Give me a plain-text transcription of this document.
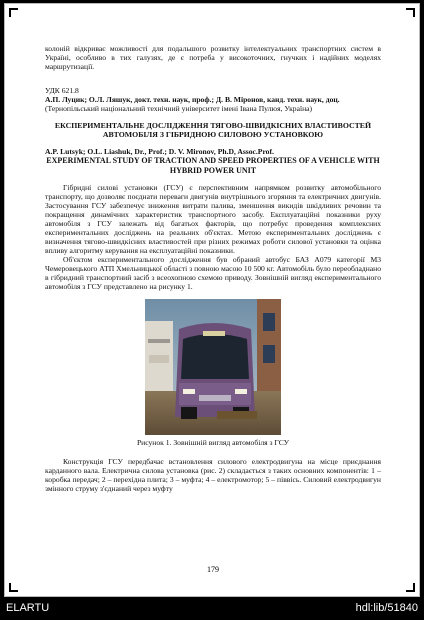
колоній відкриває можливості для подальшого розвитку інтелектуальних транспортних систем в Україні, особливо в тих галузях, де є потреба у високоточних, гнучких і надійних моделях маршрутизації.

УДК 621.8

А.П. Луцик; О.Л. Ляшук, докт. техн. наук, проф.; Д. В. Міронов, канд. техн. наук, доц.

(Тернопільський національний технічний університет імені Івана Пулюя, Україна)

ЕКСПЕРИМЕНТАЛЬНЕ ДОСЛІДЖЕННЯ ТЯГОВО-ШВИДКІСНИХ ВЛАСТИВОСТЕЙ АВТОМОБІЛЯ З ГІБРИДНОЮ СИЛОВОЮ УСТАНОВКОЮ

A.P. Lutsyk; O.L. Liashuk, Dr., Prof.; D. V. Mironov, Ph.D, Assoc.Prof.

EXPERIMENTAL STUDY OF TRACTION AND SPEED PROPERTIES OF A VEHICLE WITH HYBRID POWER UNIT

Гібридні силові установки (ГСУ) є перспективним напрямком розвитку автомобільного транспорту, що дозволяє поєднати переваги двигунів внутрішнього згоряння та електричних двигунів. Застосування ГСУ забезпечує зниження витрати палива, зменшення викидів шкідливих речовин та покращення динамічних характеристик транспортного засобу. Експлуатаційні показники руху автомобіля з ГСУ залежать від багатьох факторів, що потребує проведення комплексних експериментальних досліджень на реальних об'єктах. Метою експериментальних досліджень є визначення тягово-швидкісних властивостей при різних режимах роботи силової установки та оцінка впливу алгоритму керування на експлуатаційні показники.

Об'єктом експериментального дослідження був обраний автобус БАЗ А079 категорії М3 Чемеровецького АТП Хмельницької області з повною масою 10 500 кг. Автомобіль було переобладнано в гібридний транспортний засіб з всеохопною схемою приводу. Зовнішній вигляд експериментального автомобіля з ГСУ представлено на рисунку 1.

Рисунок 1. Зовнішній вигляд автомобіля з ГСУ

Конструкція ГСУ передбачає встановлення силового електродвигуна на місце приєднання карданного вала. Електрична силова установка (рис. 2) складається з таких основних компонентів: 1 – коробка передач; 2 – перехідна плита; 3 – муфта; 4 – електромотор; 5 – піввісь. Силовий електродвигун змінного струму з'єднаний через муфту

179
ELARTU	hdl:lib/51840
